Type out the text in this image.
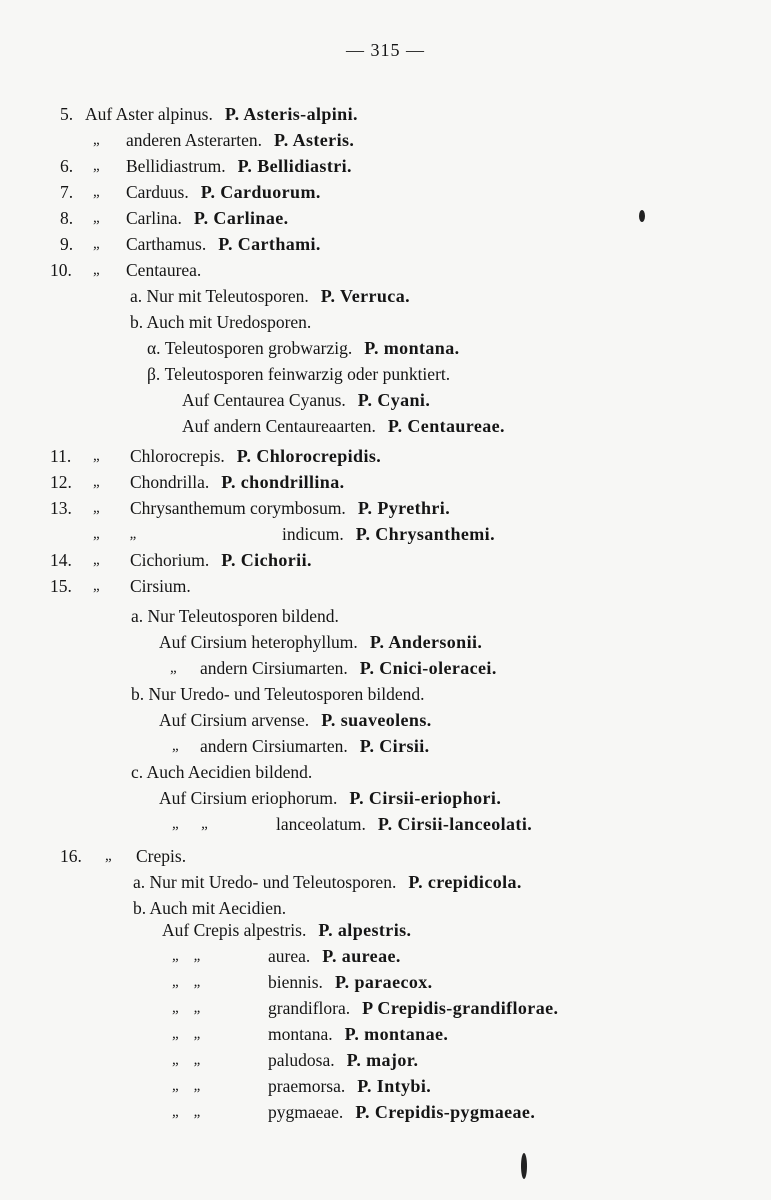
— 315 —
5. Auf Aster alpinus. P. Asteris-alpini.
„ anderen Asterarten. P. Asteris.
6. „ Bellidiastrum. P. Bellidiastri.
7. „ Carduus. P. Carduorum.
8. „ Carlina. P. Carlinae.
9. „ Carthamus. P. Carthami.
10. „ Centaurea.
a. Nur mit Teleutosporen. P. Verruca.
b. Auch mit Uredosporen.
α. Teleutosporen grobwarzig. P. montana.
β. Teleutosporen feinwarzig oder punktiert.
Auf Centaurea Cyanus. P. Cyani.
Auf andern Centaureaarten. P. Centaureae.
11. „ Chlorocrepis. P. Chlorocrepidis.
12. „ Chondrilla. P. chondrillina.
13. „ Chrysanthemum corymbosum. P. Pyrethri.
„        „	indicum. P. Chrysanthemi.
14. „ Cichorium. P. Cichorii.
15. „ Cirsium.
a. Nur Teleutosporen bildend.
Auf Cirsium heterophyllum. P. Andersonii.
„ andern Cirsiumarten. P. Cnici-oleracei.
b. Nur Uredo- und Teleutosporen bildend.
Auf Cirsium arvense. P. suaveolens.
„ andern Cirsiumarten. P. Cirsii.
c. Auch Aecidien bildend.
Auf Cirsium eriophorum. P. Cirsii-eriophori.
„      „	lanceolatum. P. Cirsii-lanceolati.
16. „ Crepis.
a. Nur mit Uredo- und Teleutosporen. P. crepidicola.
b. Auch mit Aecidien.
Auf Crepis alpestris. P. alpestris.
„    „	aurea. P. aureae.
„    „	biennis. P. paraecox.
„    „	grandiflora. P Crepidis-grandiflorae.
„    „	montana. P. montanae.
„    „	paludosa. P. major.
„    „	praemorsa. P. Intybi.
„    „	pygmaeae. P. Crepidis-pygmaeae.
